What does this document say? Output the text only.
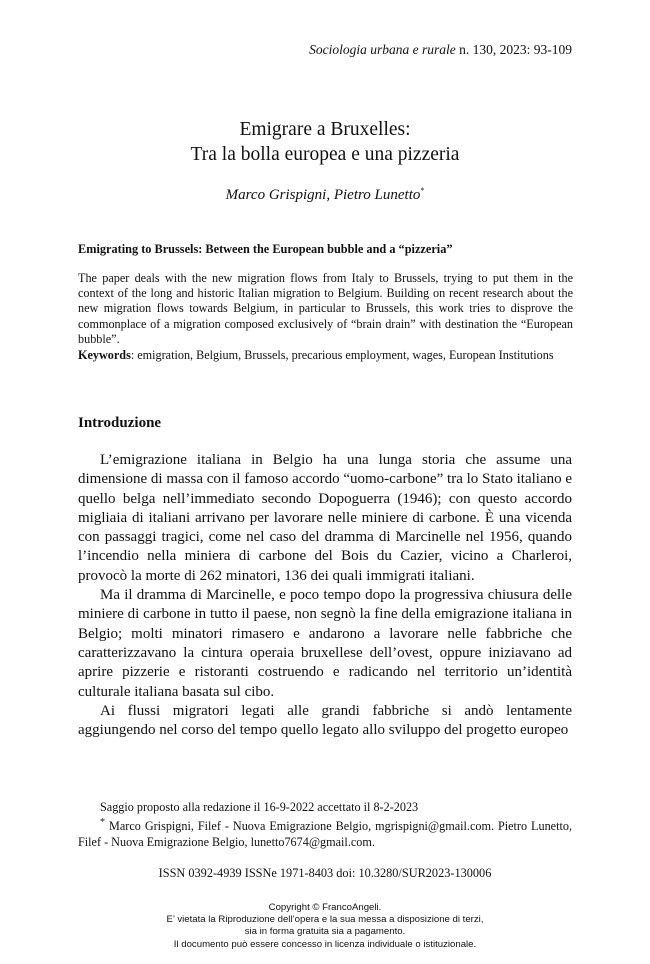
Sociologia urbana e rurale n. 130, 2023: 93-109
Emigrare a Bruxelles:
Tra la bolla europea e una pizzeria
Marco Grispigni, Pietro Lunetto*
Emigrating to Brussels: Between the European bubble and a “pizzeria”
The paper deals with the new migration flows from Italy to Brussels, trying to put them in the context of the long and historic Italian migration to Belgium. Building on recent research about the new migration flows towards Belgium, in particular to Brussels, this work tries to disprove the commonplace of a migration composed exclusively of “brain drain” with destination the “European bubble”.
Keywords: emigration, Belgium, Brussels, precarious employment, wages, European Institutions
Introduzione

L’emigrazione italiana in Belgio ha una lunga storia che assume una dimensione di massa con il famoso accordo “uomo-carbone” tra lo Stato italiano e quello belga nell’immediato secondo Dopoguerra (1946); con questo accordo migliaia di italiani arrivano per lavorare nelle miniere di carbone. È una vicenda con passaggi tragici, come nel caso del dramma di Marcinelle nel 1956, quando l’incendio nella miniera di carbone del Bois du Cazier, vicino a Charleroi, provocò la morte di 262 minatori, 136 dei quali immigrati italiani.

Ma il dramma di Marcinelle, e poco tempo dopo la progressiva chiusura delle miniere di carbone in tutto il paese, non segnò la fine della emigrazione italiana in Belgio; molti minatori rimasero e andarono a lavorare nelle fabbriche che caratterizzavano la cintura operaia bruxellese dell’ovest, oppure iniziavano ad aprire pizzerie e ristoranti costruendo e radicando nel territorio un’identità culturale italiana basata sul cibo.

Ai flussi migratori legati alle grandi fabbriche si andò lentamente aggiungendo nel corso del tempo quello legato allo sviluppo del progetto europeo

Saggio proposto alla redazione il 16-9-2022 accettato il 8-2-2023
* Marco Grispigni, Filef - Nuova Emigrazione Belgio, mgrispigni@gmail.com. Pietro Lunetto, Filef - Nuova Emigrazione Belgio, lunetto7674@gmail.com.
ISSN 0392-4939 ISSNe 1971-8403 doi: 10.3280/SUR2023-130006
Copyright © FrancoAngeli.
E’ vietata la Riproduzione dell’opera e la sua messa a disposizione di terzi,
sia in forma gratuita sia a pagamento.
Il documento può essere concesso in licenza individuale o istituzionale.
